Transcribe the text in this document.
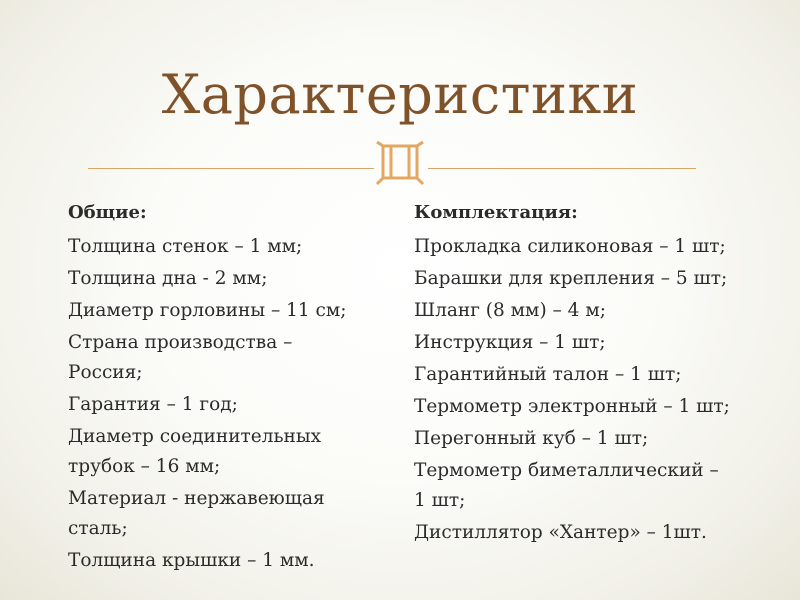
Характеристики
Общие:
Толщина стенок – 1 мм;
Толщина дна - 2 мм;
Диаметр горловины – 11 см;
Страна производства – Россия;
Гарантия – 1 год;
Диаметр соединительных трубок – 16 мм;
Материал - нержавеющая сталь;
Толщина крышки – 1 мм.
Комплектация:
Прокладка силиконовая – 1 шт;
Барашки для крепления – 5 шт;
Шланг (8 мм) – 4 м;
Инструкция – 1 шт;
Гарантийный талон – 1 шт;
Термометр электронный – 1 шт;
Перегонный куб – 1 шт;
Термометр биметаллический – 1 шт;
Дистиллятор «Хантер» – 1шт.
